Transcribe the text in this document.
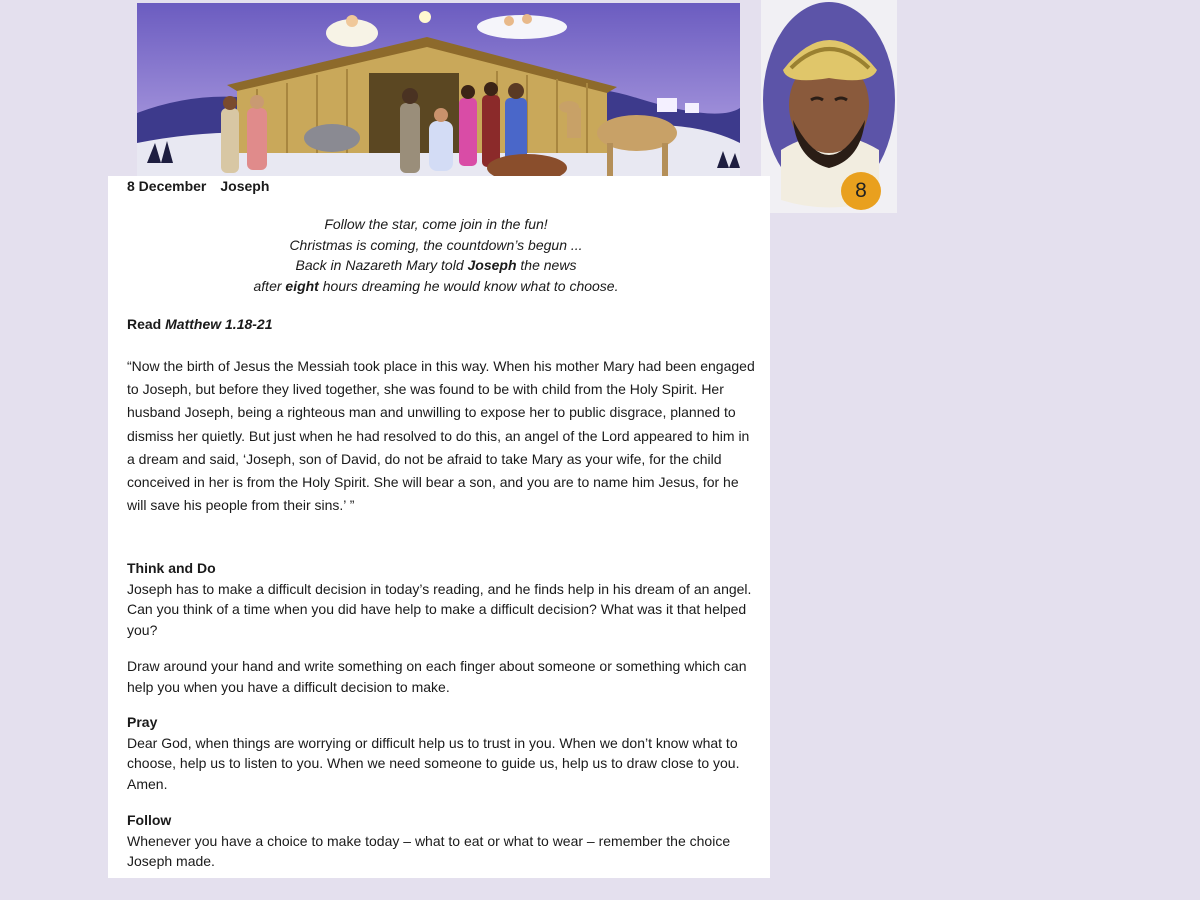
8
8 December Joseph

Follow the star, come join in the fun!

Christmas is coming, the countdown’s begun ...

Back in Nazareth Mary told Joseph the news

after eight hours dreaming he would know what to choose.

Read Matthew 1.18-21

“Now the birth of Jesus the Messiah took place in this way. When his mother Mary had been engaged to Joseph, but before they lived together, she was found to be with child from the Holy Spirit. Her husband Joseph, being a righteous man and unwilling to expose her to public disgrace, planned to dismiss her quietly. But just when he had resolved to do this, an angel of the Lord appeared to him in a dream and said, ‘Joseph, son of David, do not be afraid to take Mary as your wife, for the child conceived in her is from the Holy Spirit. She will bear a son, and you are to name him Jesus, for he will save his people from their sins.’ ”

Think and Do

Joseph has to make a difficult decision in today’s reading, and he finds help in his dream of an angel. Can you think of a time when you did have help to make a difficult decision? What was it that helped you?

Draw around your hand and write something on each finger about someone or something which can help you when you have a difficult decision to make.

Pray

Dear God, when things are worrying or difficult help us to trust in you. When we don’t know what to choose, help us to listen to you. When we need someone to guide us, help us to draw close to you. Amen.

Follow

Whenever you have a choice to make today – what to eat or what to wear – remember the choice Joseph made.
